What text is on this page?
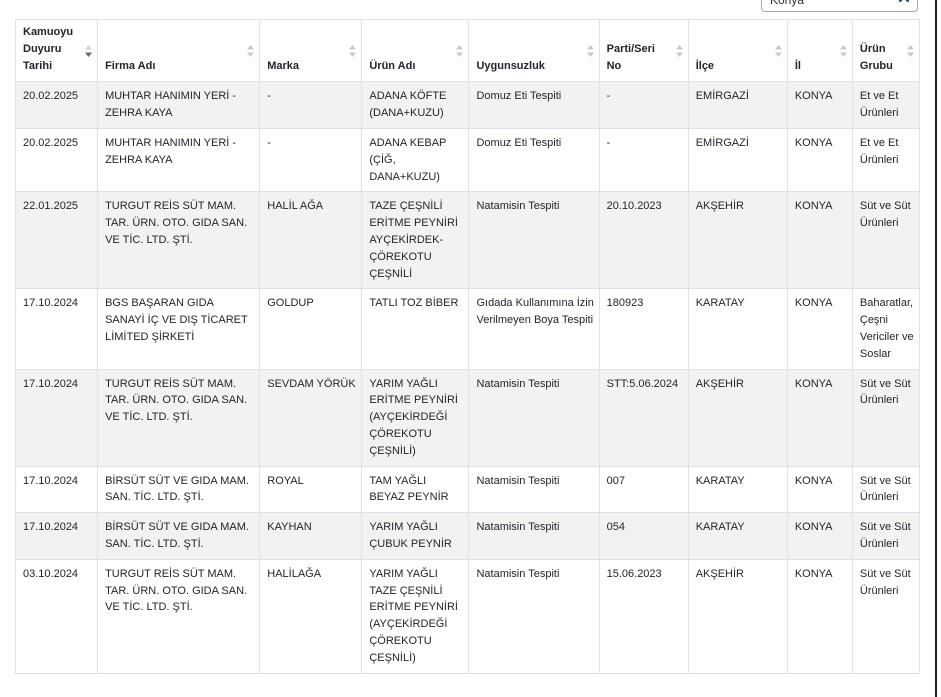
Konya
Kamuoyu Duyuru Tarihi	Firma Adı	Marka	Ürün Adı	Uygunsuzluk	Parti/Seri No	İlçe	İl	Ürün Grubu

20.02.2025	MUHTAR HANIMIN YERİ - ZEHRA KAYA	-	ADANA KÖFTE (DANA+KUZU)	Domuz Eti Tespiti	-	EMİRGAZİ	KONYA	Et ve Et Ürünleri
20.02.2025	MUHTAR HANIMIN YERİ - ZEHRA KAYA	-	ADANA KEBAP (ÇİĞ, DANA+KUZU)	Domuz Eti Tespiti	-	EMİRGAZİ	KONYA	Et ve Et Ürünleri
22.01.2025	TURGUT REİS SÜT MAM. TAR. ÜRN. OTO. GIDA SAN. VE TİC. LTD. ŞTİ.	HALİL AĞA	TAZE ÇEŞNİLİ ERİTME PEYNİRİ AYÇEKİRDEK-ÇÖREKOTU ÇEŞNİLİ	Natamisin Tespiti	20.10.2023	AKŞEHİR	KONYA	Süt ve Süt Ürünleri
17.10.2024	BGS BAŞARAN GIDA SANAYİ İÇ VE DIŞ TİCARET LİMİTED ŞİRKETİ	GOLDUP	TATLI TOZ BİBER	Gıdada Kullanımına İzin Verilmeyen Boya Tespiti	180923	KARATAY	KONYA	Baharatlar, Çeşni Vericiler ve Soslar
17.10.2024	TURGUT REİS SÜT MAM. TAR. ÜRN. OTO. GIDA SAN. VE TİC. LTD. ŞTİ.	SEVDAM YÖRÜK	YARIM YAĞLI ERİTME PEYNİRİ (AYÇEKİRDEĞİ ÇÖREKOTU ÇEŞNİLİ)	Natamisin Tespiti	STT:5.06.2024	AKŞEHİR	KONYA	Süt ve Süt Ürünleri
17.10.2024	BİRSÜT SÜT VE GIDA MAM. SAN. TİC. LTD. ŞTİ.	ROYAL	TAM YAĞLI BEYAZ PEYNİR	Natamisin Tespiti	007	KARATAY	KONYA	Süt ve Süt Ürünleri
17.10.2024	BİRSÜT SÜT VE GIDA MAM. SAN. TİC. LTD. ŞTİ.	KAYHAN	YARIM YAĞLI ÇUBUK PEYNİR	Natamisin Tespiti	054	KARATAY	KONYA	Süt ve Süt Ürünleri
03.10.2024	TURGUT REİS SÜT MAM. TAR. ÜRN. OTO. GIDA SAN. VE TİC. LTD. ŞTİ.	HALİLAĞA	YARIM YAĞLI TAZE ÇEŞNİLİ ERİTME PEYNİRİ (AYÇEKİRDEĞİ ÇÖREKOTU ÇEŞNİLİ)	Natamisin Tespiti	15.06.2023	AKŞEHİR	KONYA	Süt ve Süt Ürünleri
